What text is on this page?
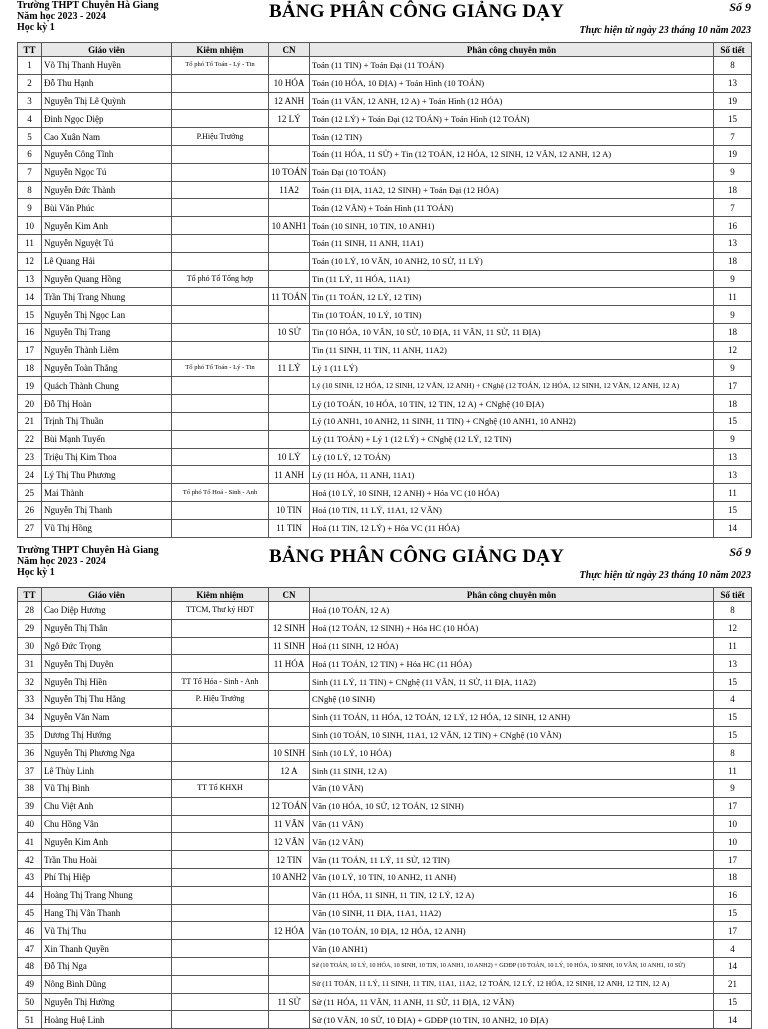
Trường THPT Chuyên Hà Giang
Năm học 2023 - 2024
Học kỳ 1
BẢNG PHÂN CÔNG GIẢNG DẠY	Số 9
Thực hiện từ ngày 23 tháng 10 năm 2023
TT	Giáo viên	Kiêm nhiệm	CN	Phân công chuyên môn	Số tiết
1	Võ Thị Thanh Huyền	Tổ phó Tổ Toán - Lý - Tin		Toán (11 TIN) + Toán Đại (11 TOÁN)	8
2	Đỗ Thu Hạnh		10 HÓA	Toán (10 HÓA, 10 ĐỊA) + Toán Hình (10 TOÁN)	13
3	Nguyễn Thị Lê Quỳnh		12 ANH	Toán (11 VĂN, 12 ANH, 12 A) + Toán Hình (12 HÓA)	19
4	Đinh Ngọc Diệp		12 LÝ	Toán (12 LÝ) + Toán Đại (12 TOÁN) + Toán Hình (12 TOÁN)	15
5	Cao Xuân Nam	P.Hiệu Trưởng		Toán (12 TIN)	7
6	Nguyễn Công Tĩnh			Toán (11 HÓA, 11 SỬ) + Tin (12 TOÁN, 12 HÓA, 12 SINH, 12 VĂN, 12 ANH, 12 A)	19
7	Nguyễn Ngọc Tú		10 TOÁN	Toán Đại (10 TOÁN)	9
8	Nguyễn Đức Thành		11A2	Toán (11 ĐỊA, 11A2, 12 SINH) + Toán Đại (12 HÓA)	18
9	Bùi Văn Phúc			Toán (12 VĂN) + Toán Hình (11 TOÁN)	7
10	Nguyễn Kim Anh		10 ANH1	Toán (10 SINH, 10 TIN, 10 ANH1)	16
11	Nguyễn Nguyệt Tú			Toán (11 SINH, 11 ANH, 11A1)	13
12	Lê Quang Hải			Toán (10 LÝ, 10 VĂN, 10 ANH2, 10 SỬ, 11 LÝ)	18
13	Nguyễn Quang Hồng	Tổ phó Tổ Tổng hợp		Tin (11 LÝ, 11 HÓA, 11A1)	9
14	Trần Thị Trang Nhung		11 TOÁN	Tin (11 TOÁN, 12 LÝ, 12 TIN)	11
15	Nguyễn Thị Ngọc Lan			Tin (10 TOÁN, 10 LÝ, 10 TIN)	9
16	Nguyễn Thị Trang		10 SỬ	Tin (10 HÓA, 10 VĂN, 10 SỬ, 10 ĐỊA, 11 VĂN, 11 SỬ, 11 ĐỊA)	18
17	Nguyễn Thành Liêm			Tin (11 SINH, 11 TIN, 11 ANH, 11A2)	12
18	Nguyễn Toàn Thắng	Tổ phó Tổ Toán - Lý - Tin	11 LÝ	Lý 1 (11 LÝ)	9
19	Quách Thành Chung			Lý (10 SINH, 12 HÓA, 12 SINH, 12 VĂN, 12 ANH) + CNghệ (12 TOÁN, 12 HÓA, 12 SINH, 12 VĂN, 12 ANH, 12 A)	17
20	Đỗ Thị Hoàn			Lý (10 TOÁN, 10 HÓA, 10 TIN, 12 TIN, 12 A) + CNghệ (10 ĐỊA)	18
21	Trịnh Thị Thuần			Lý (10 ANH1, 10 ANH2, 11 SINH, 11 TIN) + CNghệ (10 ANH1, 10 ANH2)	15
22	Bùi Mạnh Tuyến			Lý (11 TOÁN) + Lý 1 (12 LÝ) + CNghệ (12 LÝ, 12 TIN)	9
23	Triệu Thị Kim Thoa		10 LÝ	Lý (10 LÝ, 12 TOÁN)	13
24	Lý Thị Thu Phương		11 ANH	Lý (11 HÓA, 11 ANH, 11A1)	13
25	Mai Thành	Tổ phó Tổ Hoá - Sinh - Anh		Hoá (10 LÝ, 10 SINH, 12 ANH) + Hóa VC (10 HÓA)	11
26	Nguyễn Thị Thanh		10 TIN	Hoá (10 TIN, 11 LÝ, 11A1, 12 VĂN)	15
27	Vũ Thị Hồng		11 TIN	Hoá (11 TIN, 12 LÝ) + Hóa VC (11 HÓA)	14
Trường THPT Chuyên Hà Giang
Năm học 2023 - 2024
Học kỳ 1
BẢNG PHÂN CÔNG GIẢNG DẠY	Số 9
Thực hiện từ ngày 23 tháng 10 năm 2023
TT	Giáo viên	Kiêm nhiệm	CN	Phân công chuyên môn	Số tiết
28	Cao Diệp Hương	TTCM, Thư ký HĐT		Hoá (10 TOÁN, 12 A)	8
29	Nguyễn Thị Thân		12 SINH	Hoá (12 TOÁN, 12 SINH) + Hóa HC (10 HÓA)	12
30	Ngô Đức Trọng		11 SINH	Hoá (11 SINH, 12 HÓA)	11
31	Nguyễn Thị Duyên		11 HÓA	Hoá (11 TOÁN, 12 TIN) + Hóa HC (11 HÓA)	13
32	Nguyễn Thị Hiền	TT Tổ Hóa - Sinh - Anh		Sinh (11 LÝ, 11 TIN) + CNghệ (11 VĂN, 11 SỬ, 11 ĐỊA, 11A2)	15
33	Nguyễn Thị Thu Hằng	P. Hiệu Trưởng		CNghệ (10 SINH)	4
34	Nguyễn Văn Nam			Sinh (11 TOÁN, 11 HÓA, 12 TOÁN, 12 LÝ, 12 HÓA, 12 SINH, 12 ANH)	15
35	Dương Thị Hướng			Sinh (10 TOÁN, 10 SINH, 11A1, 12 VĂN, 12 TIN) + CNghệ (10 VĂN)	15
36	Nguyễn Thị Phương Nga		10 SINH	Sinh (10 LÝ, 10 HÓA)	8
37	Lê Thùy Linh		12 A	Sinh (11 SINH, 12 A)	11
38	Vũ Thị Bình	TT Tổ KHXH		Văn (10 VĂN)	9
39	Chu Việt Anh		12 TOÁN	Văn (10 HÓA, 10 SỬ, 12 TOÁN, 12 SINH)	17
40	Chu Hồng Vân		11 VĂN	Văn (11 VĂN)	10
41	Nguyễn Kim Anh		12 VĂN	Văn (12 VĂN)	10
42	Trần Thu Hoài		12 TIN	Văn (11 TOÁN, 11 LÝ, 11 SỬ, 12 TIN)	17
43	Phí Thị Hiệp		10 ANH2	Văn (10 LÝ, 10 TIN, 10 ANH2, 11 ANH)	18
44	Hoàng Thị Trang Nhung			Văn (11 HÓA, 11 SINH, 11 TIN, 12 LÝ, 12 A)	16
45	Hang Thị Vân Thanh			Văn (10 SINH, 11 ĐỊA, 11A1, 11A2)	15
46	Vũ Thị Thu		12 HÓA	Văn (10 TOÁN, 10 ĐỊA, 12 HÓA, 12 ANH)	17
47	Xin Thanh Quyền			Văn (10 ANH1)	4
48	Đỗ Thị Nga			Sử (10 TOÁN, 10 LÝ, 10 HÓA, 10 SINH, 10 TIN, 10 ANH1, 10 ANH2) + GDĐP (10 TOÁN, 10 LÝ, 10 HÓA, 10 SINH, 10 VĂN, 10 ANH1, 10 SỬ)	14
49	Nông Bình Dũng			Sử (11 TOÁN, 11 LÝ, 11 SINH, 11 TIN, 11A1, 11A2, 12 TOÁN, 12 LÝ, 12 HÓA, 12 SINH, 12 ANH, 12 TIN, 12 A)	21
50	Nguyễn Thị Hường		11 SỬ	Sử (11 HÓA, 11 VĂN, 11 ANH, 11 SỬ, 11 ĐỊA, 12 VĂN)	15
51	Hoàng Huệ Linh			Sử (10 VĂN, 10 SỬ, 10 ĐỊA) + GDĐP (10 TIN, 10 ANH2, 10 ĐỊA)	14
